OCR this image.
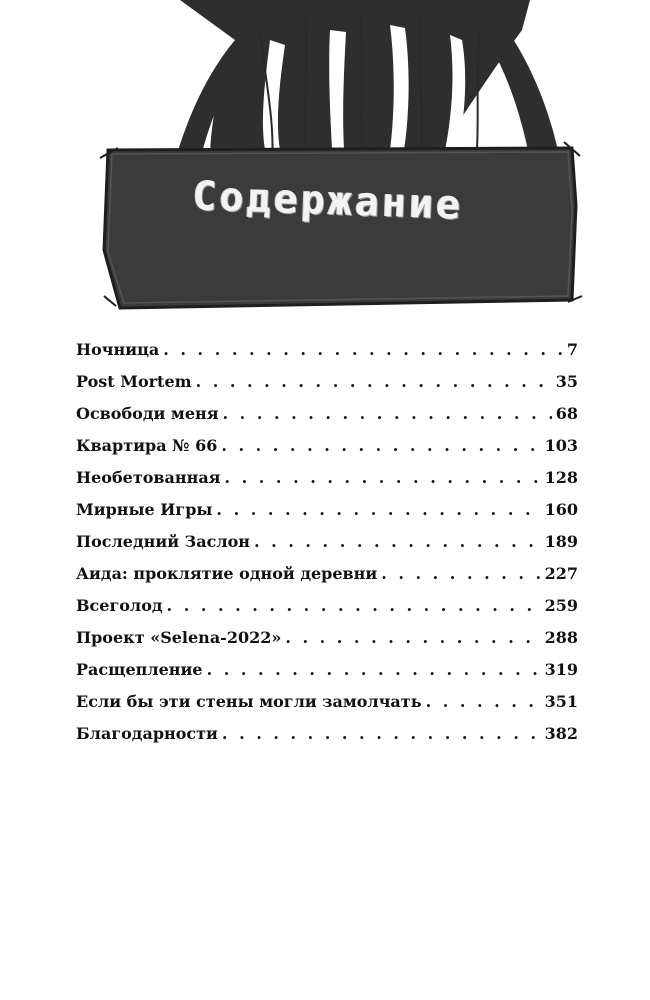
Содержание
Ночница . . .	7
Post Mortem . . .	35
Освободи меня . . .	68
Квартира № 66 . . .	103
Необетованная . . .	128
Мирные Игры . . .	160
Последний Заслон . . .	189
Аида: проклятие одной деревни . . .	227
Всеголод . . .	259
Проект «Selena-2022» . . .	288
Расщепление . . .	319
Если бы эти стены могли замолчать . . .	351
Благодарности . . .	382
